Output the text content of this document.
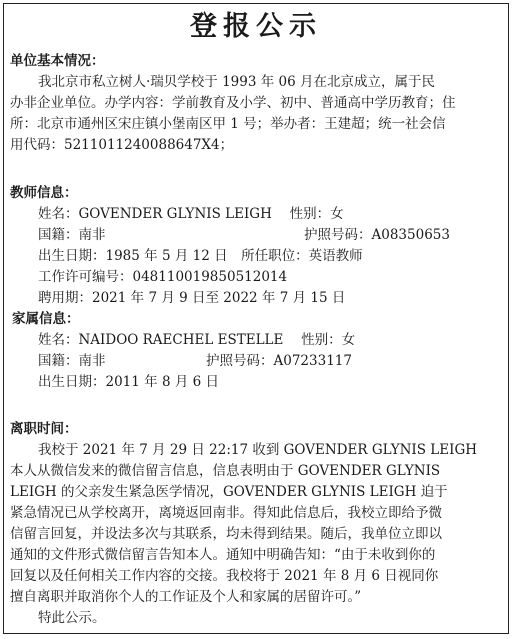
登报公示
单位基本情况：
我北京市私立树人·瑞贝学校于 1993 年 06 月在北京成立，属于民
办非企业单位。办学内容：学前教育及小学、初中、普通高中学历教育；住
所：北京市通州区宋庄镇小堡南区甲 1 号；举办者：王建超；统一社会信
用代码：52110112400886​47X4；
教师信息：
姓名：GOVENDER GLYNIS LEIGH　 性别：女
国籍：南非	护照号码：A08350653
出生日期：1985 年 5 月 12 日　所任职位：英语教师
工作许可编号：048110019850512014
聘用期：2021 年 7 月 9 日至 2022 年 7 月 15 日
家属信息：
姓名：NAIDOO RAECHEL ESTELLE　 性别：女
国籍：南非	护照号码：A07233117
出生日期：2011 年 8 月 6 日
离职时间：
我校于 2021 年 7 月 29 日 22:17 收到 GOVENDER GLYNIS LEIGH
本人从微信发来的微信留言信息，信息表明由于 GOVENDER GLYNIS
LEIGH 的父亲发生紧急医学情况，GOVENDER GLYNIS LEIGH 迫于
紧急情况已从学校离开，离境返回南非。得知此信息后，我校立即给予微
信留言回复，并设法多次与其联系，均未得到结果。随后，我单位立即以
通知的文件形式微信留言告知本人。通知中明确告知：“由于未收到你的
回复以及任何相关工作内容的交接。我校将于 2021 年 8 月 6 日视同你
擅自离职并取消你个人的工作证及个人和家属的居留许可。”
特此公示。
